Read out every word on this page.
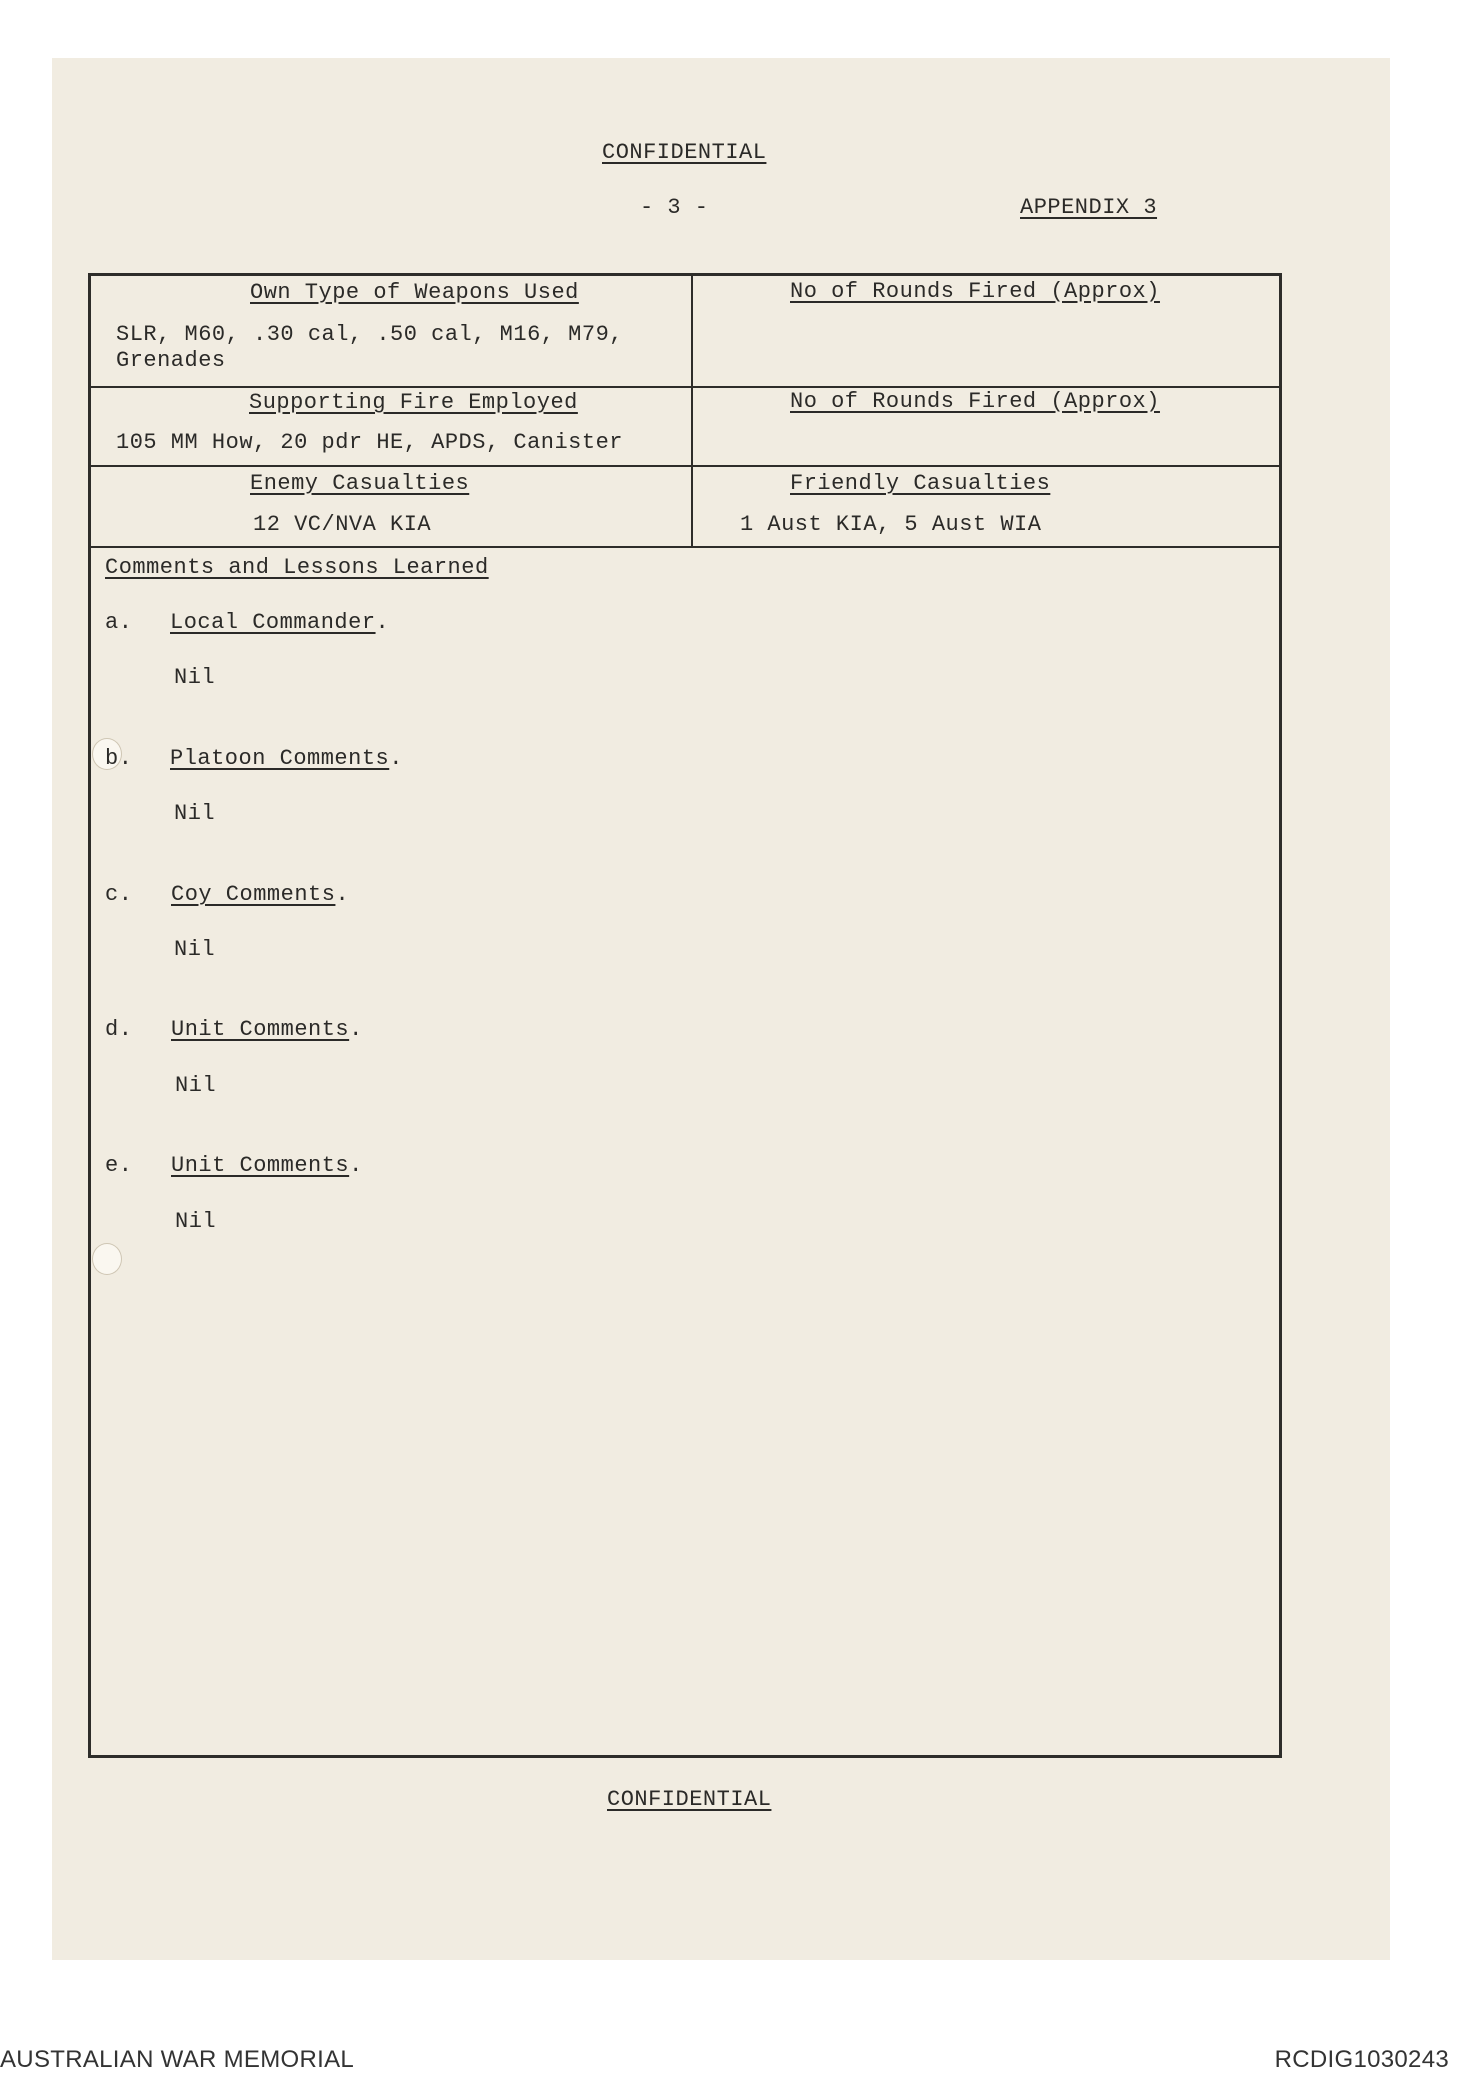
CONFIDENTIAL
- 3 -	APPENDIX 3
Own Type of Weapons Used
SLR, M60, .30 cal, .50 cal, M16, M79,
Grenades
No of Rounds Fired (Approx)
Supporting Fire Employed
105 MM How, 20 pdr HE, APDS, Canister
No of Rounds Fired (Approx)
Enemy Casualties
12 VC/NVA KIA
Friendly Casualties
1 Aust KIA, 5 Aust WIA
Comments and Lessons Learned
a. Local Commander.
Nil
b. Platoon Comments.
Nil
c. Coy Comments.
Nil
d. Unit Comments.
Nil
e. Unit Comments.
Nil
CONFIDENTIAL
AUSTRALIAN WAR MEMORIAL	RCDIG1030243
